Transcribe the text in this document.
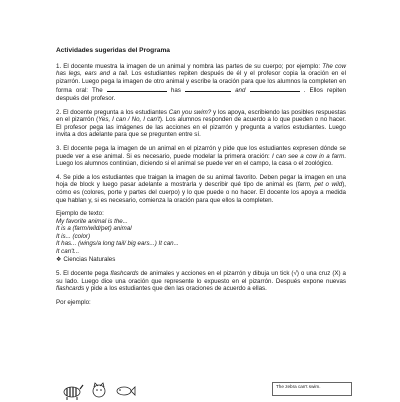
Actividades sugeridas del Programa
1. El docente muestra la imagen de un animal y nombra las partes de su cuerpo; por ejemplo: The cow has legs, ears and a tail. Los estudiantes repiten después de él y el profesor copia la oración en el pizarrón. Luego pega la imagen de otro animal y escribe la oración para que los alumnos la completen en forma oral: The	has	and	. Ellos repiten después del profesor.
2. El docente pregunta a los estudiantes Can you swim? y los apoya, escribiendo las posibles respuestas en el pizarrón (Yes, I can / No, I can't). Los alumnos responden de acuerdo a lo que pueden o no hacer. El profesor pega las imágenes de las acciones en el pizarrón y pregunta a varios estudiantes. Luego invita a dos adelante para que se pregunten entre sí.
3. El docente pega la imagen de un animal en el pizarrón y pide que los estudiantes expresen dónde se puede ver a ese animal. Si es necesario, puede modelar la primera oración: I can see a cow in a farm. Luego los alumnos continúan, diciendo si el animal se puede ver en el campo, la casa o el zoológico.
4. Se pide a los estudiantes que traigan la imagen de su animal favorito. Deben pegar la imagen en una hoja de block y luego pasar adelante a mostrarla y describir qué tipo de animal es (farm, pet o wild), cómo es (colores, porte y partes del cuerpo) y lo que puede o no hacer. El docente los apoya a medida que hablan y, si es necesario, comienza la oración para que ellos la completen.
Ejemplo de texto:
My favorite animal is the...
It is a (farm/wild/pet) animal
It is... (color)
It has... (wings/a long tail/ big ears...) It can...
It can't...
❖ Ciencias Naturales
5. El docente pega flashcards de animales y acciones en el pizarrón y dibuja un tick (√) o una cruz (X) a su lado. Luego dice una oración que represente lo expuesto en el pizarrón. Después expone nuevas flashcards y pide a los estudiantes que den las oraciones de acuerdo a ellas.
Por ejemplo:
The zebra can't swim.
